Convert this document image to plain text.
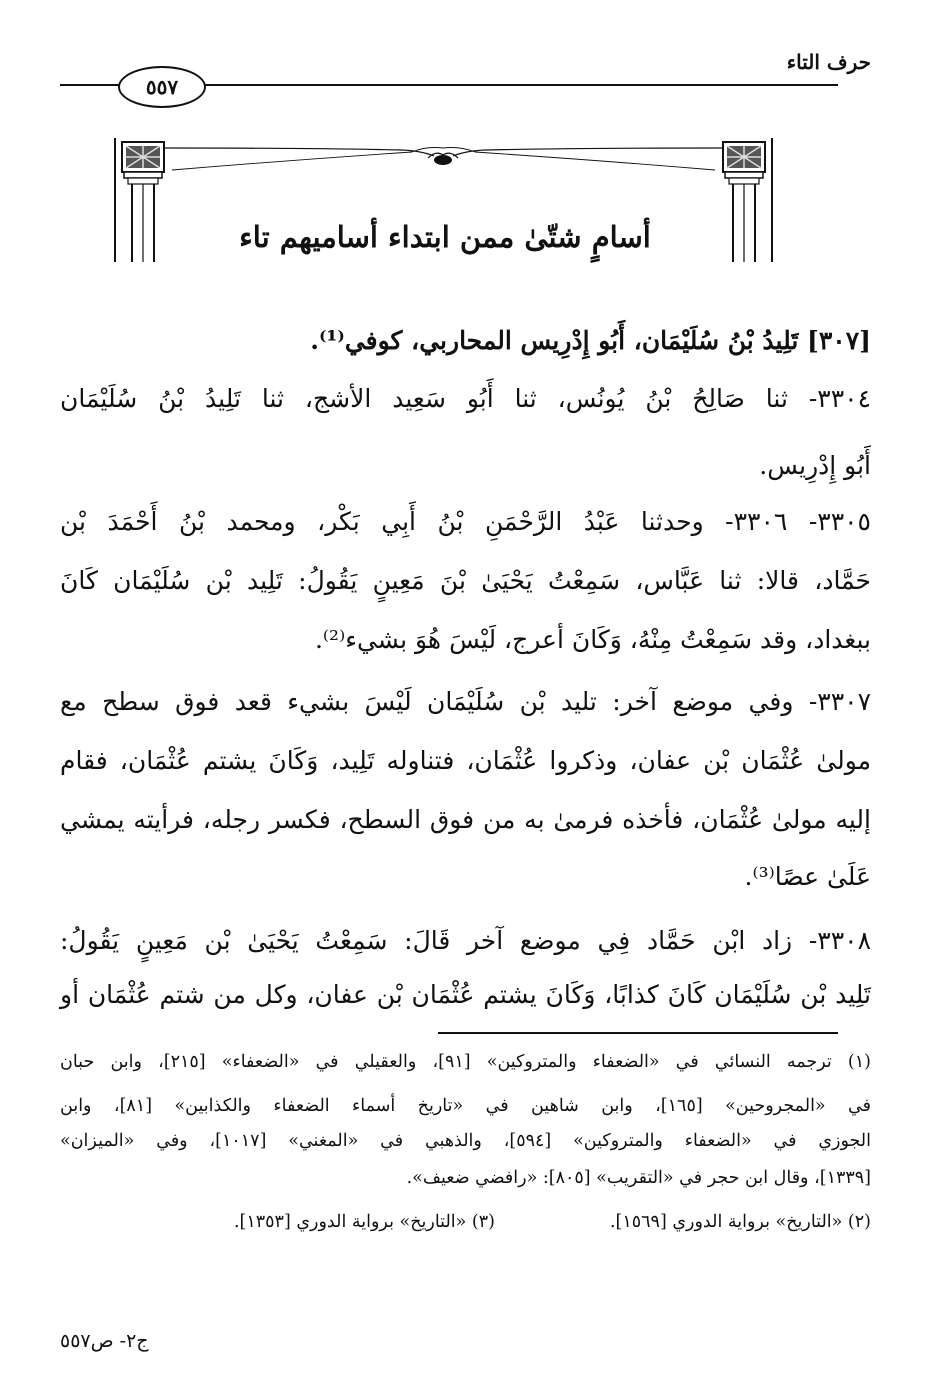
حرف التاء
٥٥٧
أسامٍ شتّىٰ ممن ابتداء أساميهم تاء
[٣٠٧] تَلِيدُ بْنُ سُلَيْمَان، أَبُو إِدْرِيس المحاربي، كوفي⁽¹⁾.
٣٣٠٤- ثنا صَالِحُ بْنُ يُونُس، ثنا أَبُو سَعِيد الأشج، ثنا تَلِيدُ بْنُ سُلَيْمَان
أَبُو إِدْرِيس.
٣٣٠٥- ٣٣٠٦- وحدثنا عَبْدُ الرَّحْمَنِ بْنُ أَبِي بَكْر، ومحمد بْنُ أَحْمَدَ بْن
حَمَّاد، قالا: ثنا عَبَّاس، سَمِعْتُ يَحْيَىٰ بْنَ مَعِينٍ يَقُولُ: تَلِيد بْن سُلَيْمَان كَانَ
ببغداد، وقد سَمِعْتُ مِنْهُ، وَكَانَ أعرج، لَيْسَ هُوَ بشيء⁽²⁾.
٣٣٠٧- وفي موضع آخر: تليد بْن سُلَيْمَان لَيْسَ بشيء قعد فوق سطح مع
مولىٰ عُثْمَان بْن عفان، وذكروا عُثْمَان، فتناوله تَلِيد، وَكَانَ يشتم عُثْمَان، فقام
إليه مولىٰ عُثْمَان، فأخذه فرمىٰ به من فوق السطح، فكسر رجله، فرأيته يمشي
عَلَىٰ عصًا⁽³⁾.
٣٣٠٨- زاد ابْن حَمَّاد فِي موضع آخر قَالَ: سَمِعْتُ يَحْيَىٰ بْن مَعِينٍ يَقُولُ:
تَلِيد بْن سُلَيْمَان كَانَ كذابًا، وَكَانَ يشتم عُثْمَان بْن عفان، وكل من شتم عُثْمَان أو
(١) ترجمه النسائي في «الضعفاء والمتروكين» [٩١]، والعقيلي في «الضعفاء» [٢١٥]، وابن حبان
في «المجروحين» [١٦٥]، وابن شاهين في «تاريخ أسماء الضعفاء والكذابين» [٨١]، وابن
الجوزي في «الضعفاء والمتروكين» [٥٩٤]، والذهبي في «المغني» [١٠١٧]، وفي «الميزان»
[١٣٣٩]، وقال ابن حجر في «التقريب» [٨٠٥]: «رافضي ضعيف».
(٢) «التاريخ» برواية الدوري [١٥٦٩].
(٣) «التاريخ» برواية الدوري [١٣٥٣].
ج٢- ص٥٥٧
